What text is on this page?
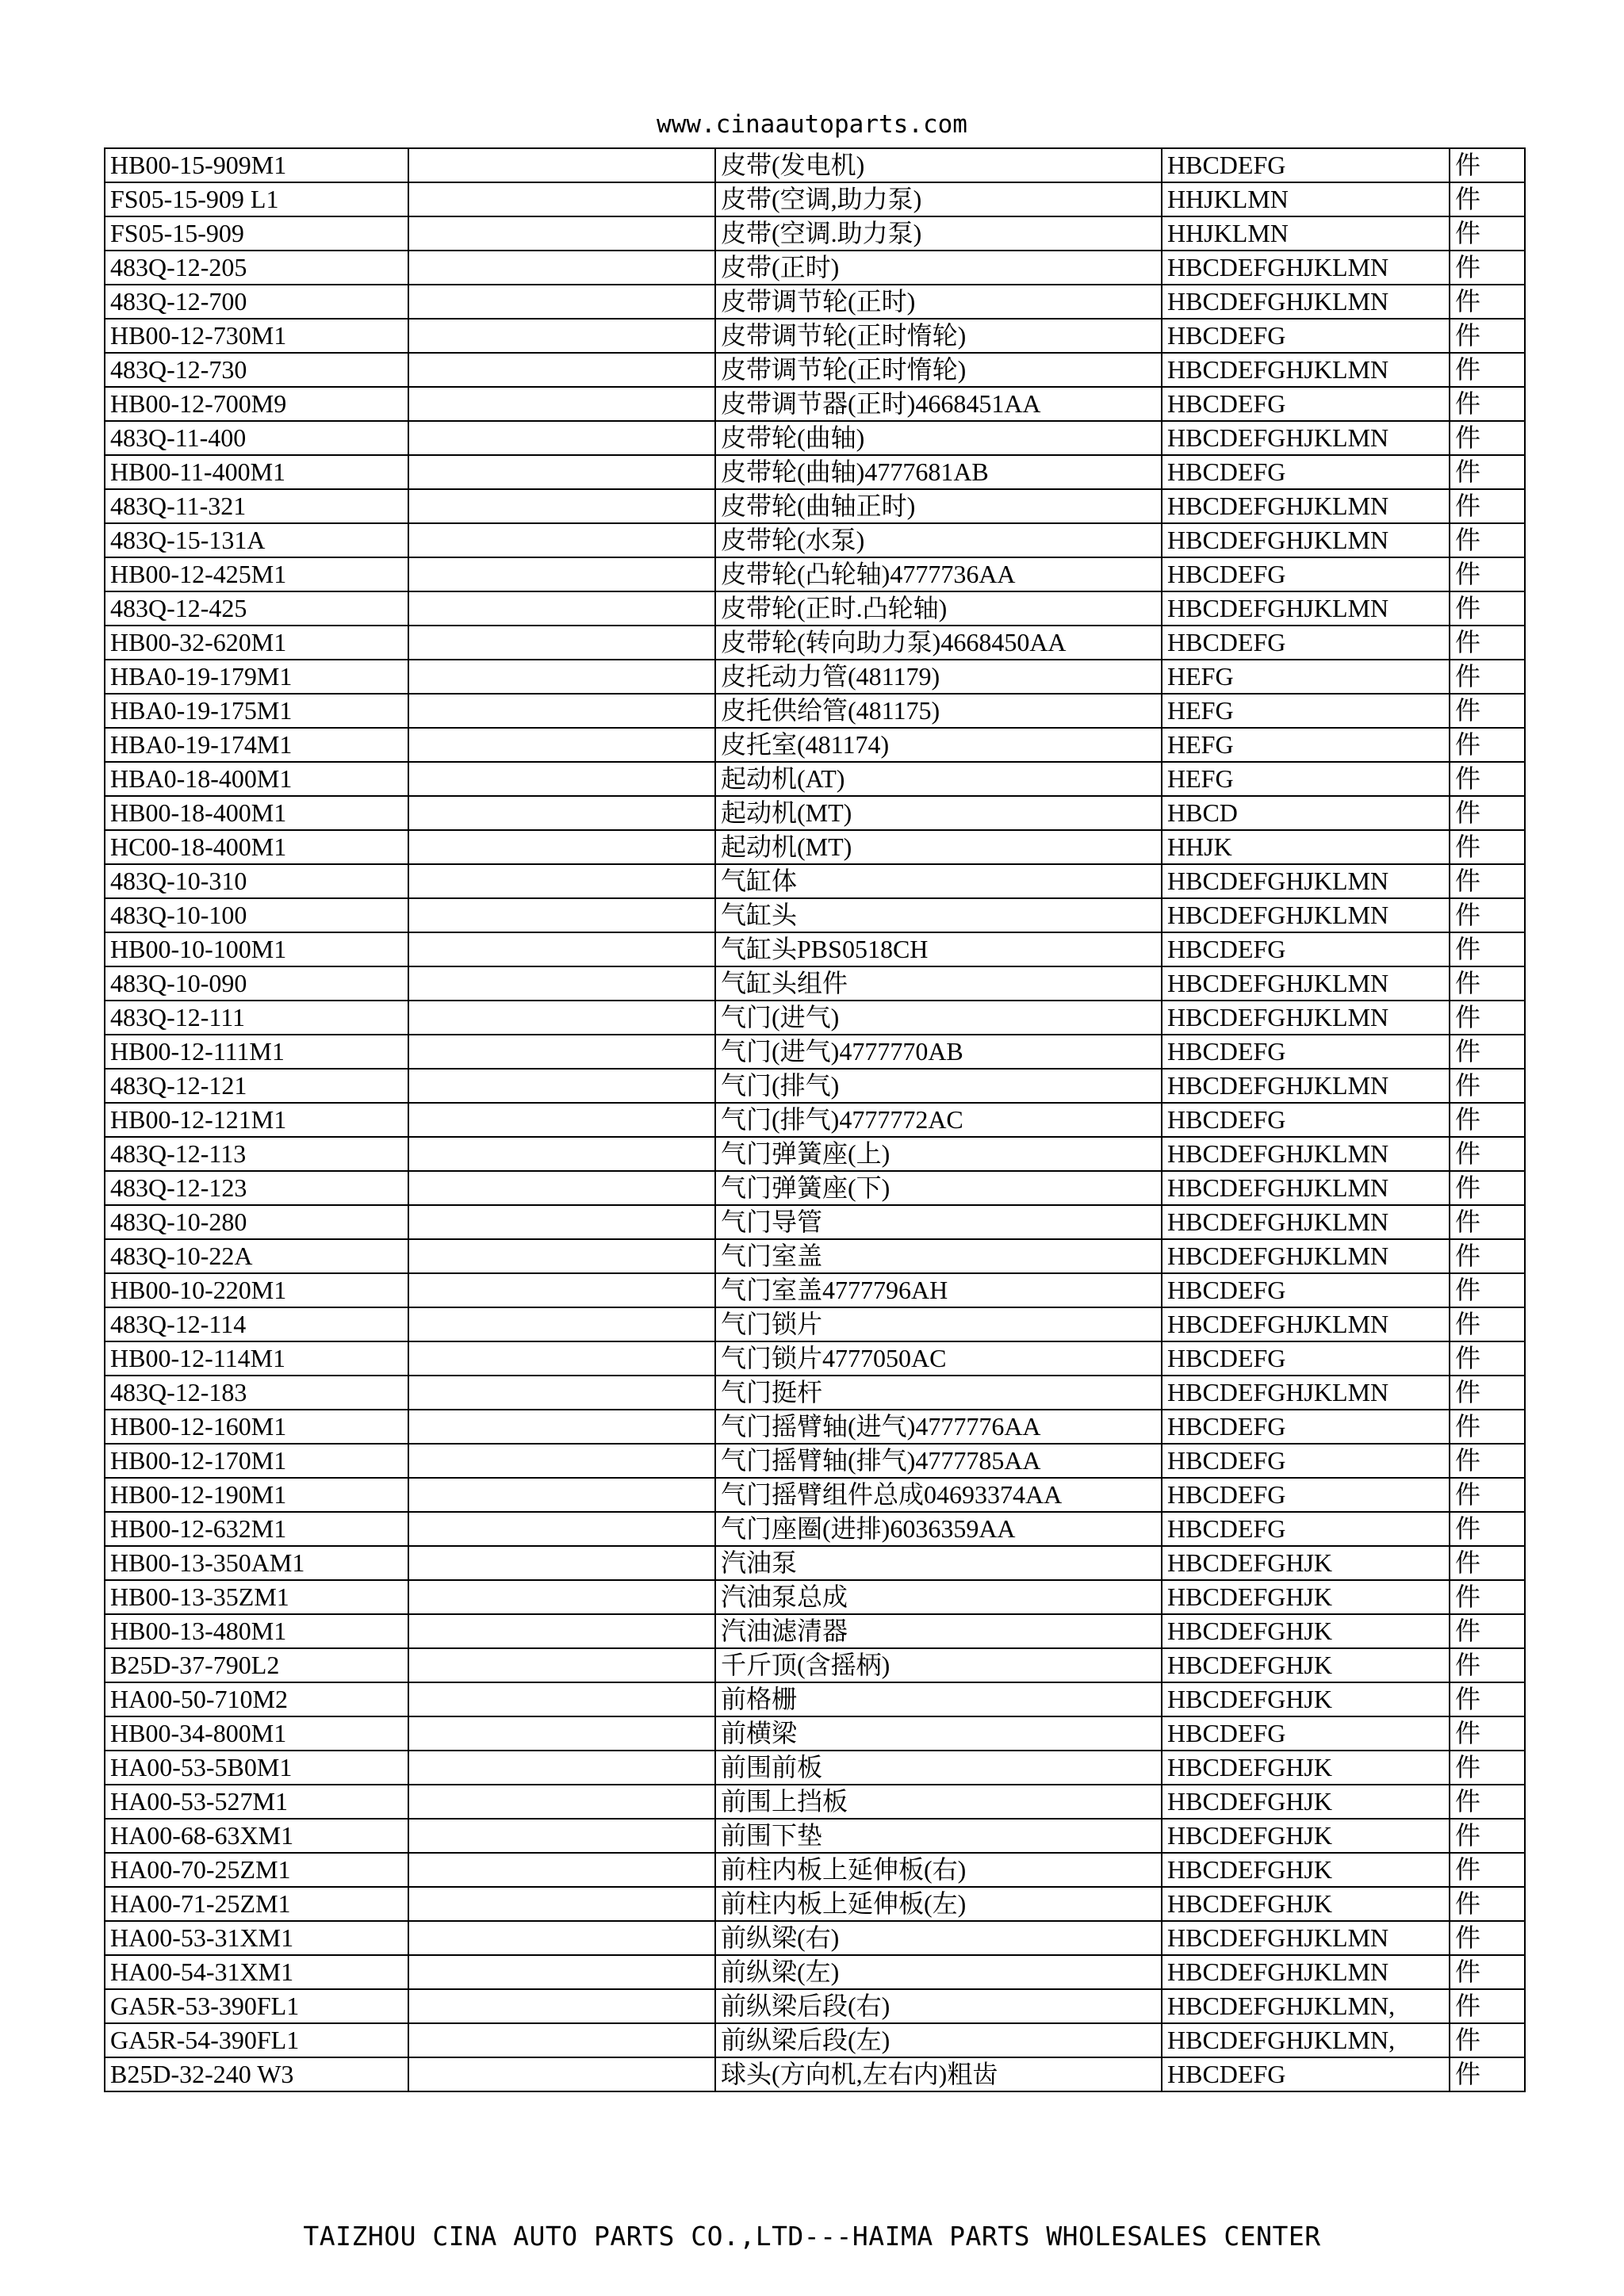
www.cinaautoparts.com
HB00-15-909M1		皮带(发电机)	HBCDEFG	件
FS05-15-909 L1		皮带(空调,助力泵)	HHJKLMN	件
FS05-15-909		皮带(空调.助力泵)	HHJKLMN	件
483Q-12-205		皮带(正时)	HBCDEFGHJKLMN	件
483Q-12-700		皮带调节轮(正时)	HBCDEFGHJKLMN	件
HB00-12-730M1		皮带调节轮(正时惰轮)	HBCDEFG	件
483Q-12-730		皮带调节轮(正时惰轮)	HBCDEFGHJKLMN	件
HB00-12-700M9		皮带调节器(正时)4668451AA	HBCDEFG	件
483Q-11-400		皮带轮(曲轴)	HBCDEFGHJKLMN	件
HB00-11-400M1		皮带轮(曲轴)4777681AB	HBCDEFG	件
483Q-11-321		皮带轮(曲轴正时)	HBCDEFGHJKLMN	件
483Q-15-131A		皮带轮(水泵)	HBCDEFGHJKLMN	件
HB00-12-425M1		皮带轮(凸轮轴)4777736AA	HBCDEFG	件
483Q-12-425		皮带轮(正时.凸轮轴)	HBCDEFGHJKLMN	件
HB00-32-620M1		皮带轮(转向助力泵)4668450AA	HBCDEFG	件
HBA0-19-179M1		皮托动力管(481179)	HEFG	件
HBA0-19-175M1		皮托供给管(481175)	HEFG	件
HBA0-19-174M1		皮托室(481174)	HEFG	件
HBA0-18-400M1		起动机(AT)	HEFG	件
HB00-18-400M1		起动机(MT)	HBCD	件
HC00-18-400M1		起动机(MT)	HHJK	件
483Q-10-310		气缸体	HBCDEFGHJKLMN	件
483Q-10-100		气缸头	HBCDEFGHJKLMN	件
HB00-10-100M1		气缸头PBS0518CH	HBCDEFG	件
483Q-10-090		气缸头组件	HBCDEFGHJKLMN	件
483Q-12-111		气门(进气)	HBCDEFGHJKLMN	件
HB00-12-111M1		气门(进气)4777770AB	HBCDEFG	件
483Q-12-121		气门(排气)	HBCDEFGHJKLMN	件
HB00-12-121M1		气门(排气)4777772AC	HBCDEFG	件
483Q-12-113		气门弹簧座(上)	HBCDEFGHJKLMN	件
483Q-12-123		气门弹簧座(下)	HBCDEFGHJKLMN	件
483Q-10-280		气门导管	HBCDEFGHJKLMN	件
483Q-10-22A		气门室盖	HBCDEFGHJKLMN	件
HB00-10-220M1		气门室盖4777796AH	HBCDEFG	件
483Q-12-114		气门锁片	HBCDEFGHJKLMN	件
HB00-12-114M1		气门锁片4777050AC	HBCDEFG	件
483Q-12-183		气门挺杆	HBCDEFGHJKLMN	件
HB00-12-160M1		气门摇臂轴(进气)4777776AA	HBCDEFG	件
HB00-12-170M1		气门摇臂轴(排气)4777785AA	HBCDEFG	件
HB00-12-190M1		气门摇臂组件总成04693374AA	HBCDEFG	件
HB00-12-632M1		气门座圈(进排)6036359AA	HBCDEFG	件
HB00-13-350AM1		汽油泵	HBCDEFGHJK	件
HB00-13-35ZM1		汽油泵总成	HBCDEFGHJK	件
HB00-13-480M1		汽油滤清器	HBCDEFGHJK	件
B25D-37-790L2		千斤顶(含摇柄)	HBCDEFGHJK	件
HA00-50-710M2		前格栅	HBCDEFGHJK	件
HB00-34-800M1		前横梁	HBCDEFG	件
HA00-53-5B0M1		前围前板	HBCDEFGHJK	件
HA00-53-527M1		前围上挡板	HBCDEFGHJK	件
HA00-68-63XM1		前围下垫	HBCDEFGHJK	件
HA00-70-25ZM1		前柱内板上延伸板(右)	HBCDEFGHJK	件
HA00-71-25ZM1		前柱内板上延伸板(左)	HBCDEFGHJK	件
HA00-53-31XM1		前纵梁(右)	HBCDEFGHJKLMN	件
HA00-54-31XM1		前纵梁(左)	HBCDEFGHJKLMN	件
GA5R-53-390FL1		前纵梁后段(右)	HBCDEFGHJKLMN,	件
GA5R-54-390FL1		前纵梁后段(左)	HBCDEFGHJKLMN,	件
B25D-32-240 W3		球头(方向机,左右内)粗齿	HBCDEFG	件
TAIZHOU CINA AUTO PARTS CO.,LTD---HAIMA PARTS WHOLESALES CENTER
